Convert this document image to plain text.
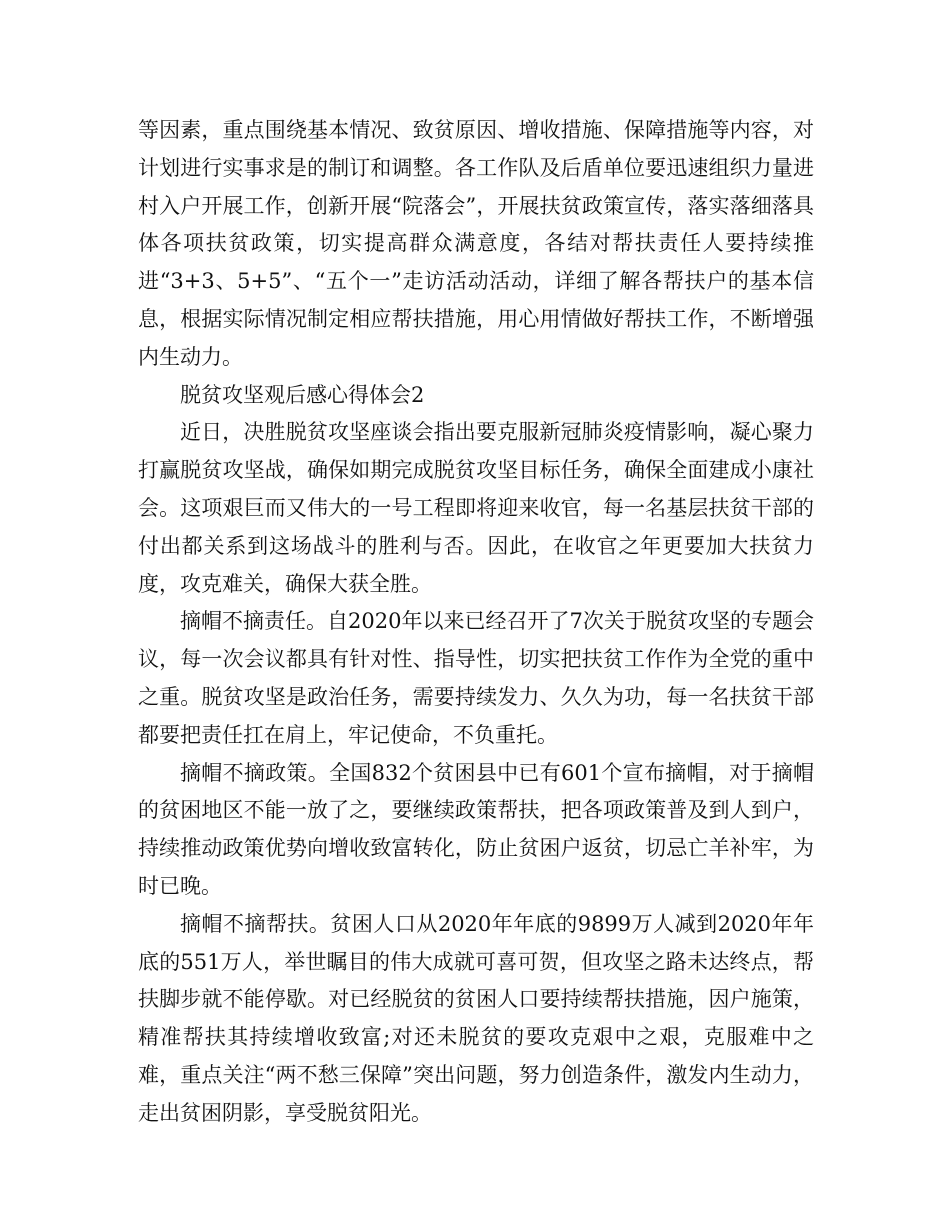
等因素，重点围绕基本情况、致贫原因、增收措施、保障措施等内容，对计划进行实事求是的制订和调整。各工作队及后盾单位要迅速组织力量进村入户开展工作，创新开展“院落会”，开展扶贫政策宣传，落实落细落具体各项扶贫政策，切实提高群众满意度，各结对帮扶责任人要持续推进“3+3、5+5”、“五个一”走访活动活动，详细了解各帮扶户的基本信息，根据实际情况制定相应帮扶措施，用心用情做好帮扶工作，不断增强内生动力。

脱贫攻坚观后感心得体会2

近日，决胜脱贫攻坚座谈会指出要克服新冠肺炎疫情影响，凝心聚力打赢脱贫攻坚战，确保如期完成脱贫攻坚目标任务，确保全面建成小康社会。这项艰巨而又伟大的一号工程即将迎来收官，每一名基层扶贫干部的付出都关系到这场战斗的胜利与否。因此，在收官之年更要加大扶贫力度，攻克难关，确保大获全胜。

摘帽不摘责任。自2020年以来已经召开了7次关于脱贫攻坚的专题会议，每一次会议都具有针对性、指导性，切实把扶贫工作作为全党的重中之重。脱贫攻坚是政治任务，需要持续发力、久久为功，每一名扶贫干部都要把责任扛在肩上，牢记使命，不负重托。

摘帽不摘政策。全国832个贫困县中已有601个宣布摘帽，对于摘帽的贫困地区不能一放了之，要继续政策帮扶，把各项政策普及到人到户，持续推动政策优势向增收致富转化，防止贫困户返贫，切忌亡羊补牢，为时已晚。

摘帽不摘帮扶。贫困人口从2020年年底的9899万人减到2020年年底的551万人，举世瞩目的伟大成就可喜可贺，但攻坚之路未达终点，帮扶脚步就不能停歇。对已经脱贫的贫困人口要持续帮扶措施，因户施策，精准帮扶其持续增收致富;对还未脱贫的要攻克艰中之艰，克服难中之难，重点关注“两不愁三保障”突出问题，努力创造条件，激发内生动力，走出贫困阴影，享受脱贫阳光。
